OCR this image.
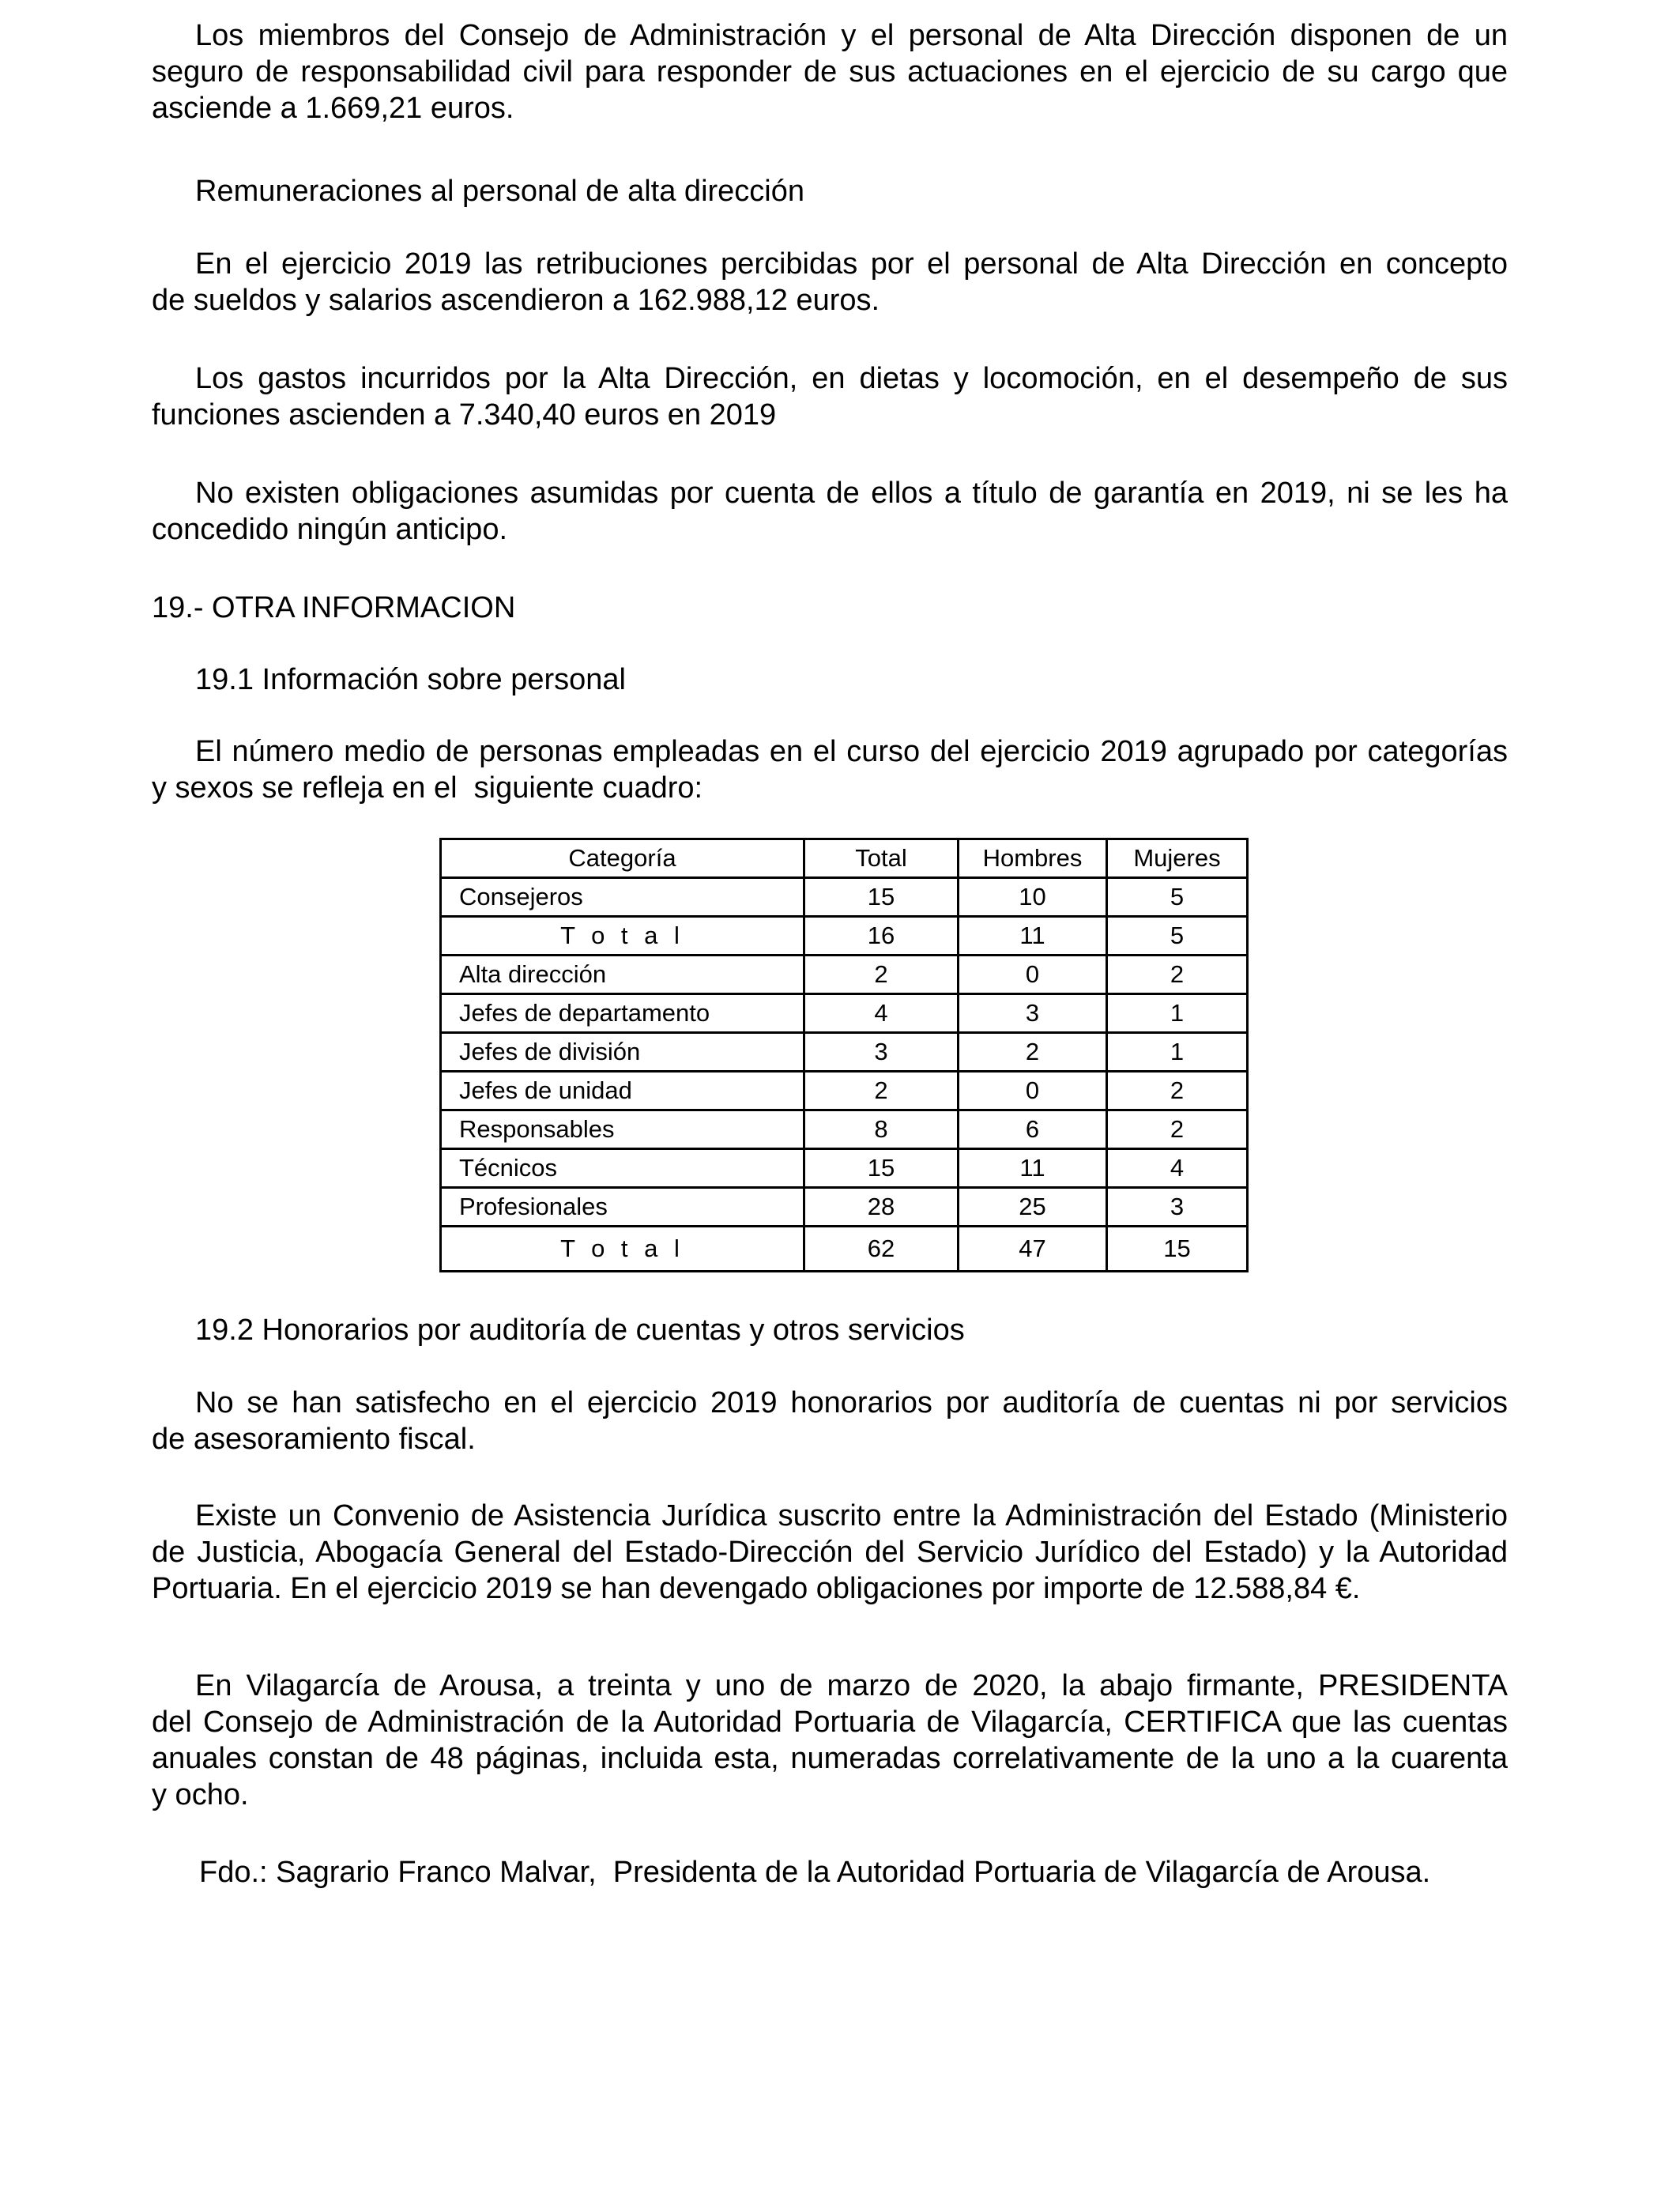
Los miembros del Consejo de Administración y el personal de Alta Dirección disponen de un
seguro de responsabilidad civil para responder de sus actuaciones en el ejercicio de su cargo que
asciende a 1.669,21 euros.
Remuneraciones al personal de alta dirección
En el ejercicio 2019 las retribuciones percibidas por el personal de Alta Dirección en concepto
de sueldos y salarios ascendieron a 162.988,12 euros.
Los gastos incurridos por la Alta Dirección, en dietas y locomoción, en el desempeño de sus
funciones ascienden a 7.340,40 euros en 2019
No existen obligaciones asumidas por cuenta de ellos a título de garantía en 2019, ni se les ha
concedido ningún anticipo.
19.- OTRA INFORMACION
19.1 Información sobre personal
El número medio de personas empleadas en el curso del ejercicio 2019 agrupado por categorías
y sexos se refleja en el  siguiente cuadro:
Categoría	Total	Hombres	Mujeres
Consejeros	15	10	5
T o t a l	16	11	5
Alta dirección	2	0	2
Jefes de departamento	4	3	1
Jefes de división	3	2	1
Jefes de unidad	2	0	2
Responsables	8	6	2
Técnicos	15	11	4
Profesionales	28	25	3
T o t a l	62	47	15
19.2 Honorarios por auditoría de cuentas y otros servicios
No se han satisfecho en el ejercicio 2019 honorarios por auditoría de cuentas ni por servicios
de asesoramiento fiscal.
Existe un Convenio de Asistencia Jurídica suscrito entre la Administración del Estado (Ministerio
de Justicia, Abogacía General del Estado-Dirección del Servicio Jurídico del Estado) y la Autoridad
Portuaria. En el ejercicio 2019 se han devengado obligaciones por importe de 12.588,84 €.
En Vilagarcía de Arousa, a treinta y uno de marzo de 2020, la abajo firmante, PRESIDENTA
del Consejo de Administración de la Autoridad Portuaria de Vilagarcía, CERTIFICA que las cuentas
anuales constan de 48 páginas, incluida esta, numeradas correlativamente de la uno a la cuarenta
y ocho.
Fdo.: Sagrario Franco Malvar,  Presidenta de la Autoridad Portuaria de Vilagarcía de Arousa.
